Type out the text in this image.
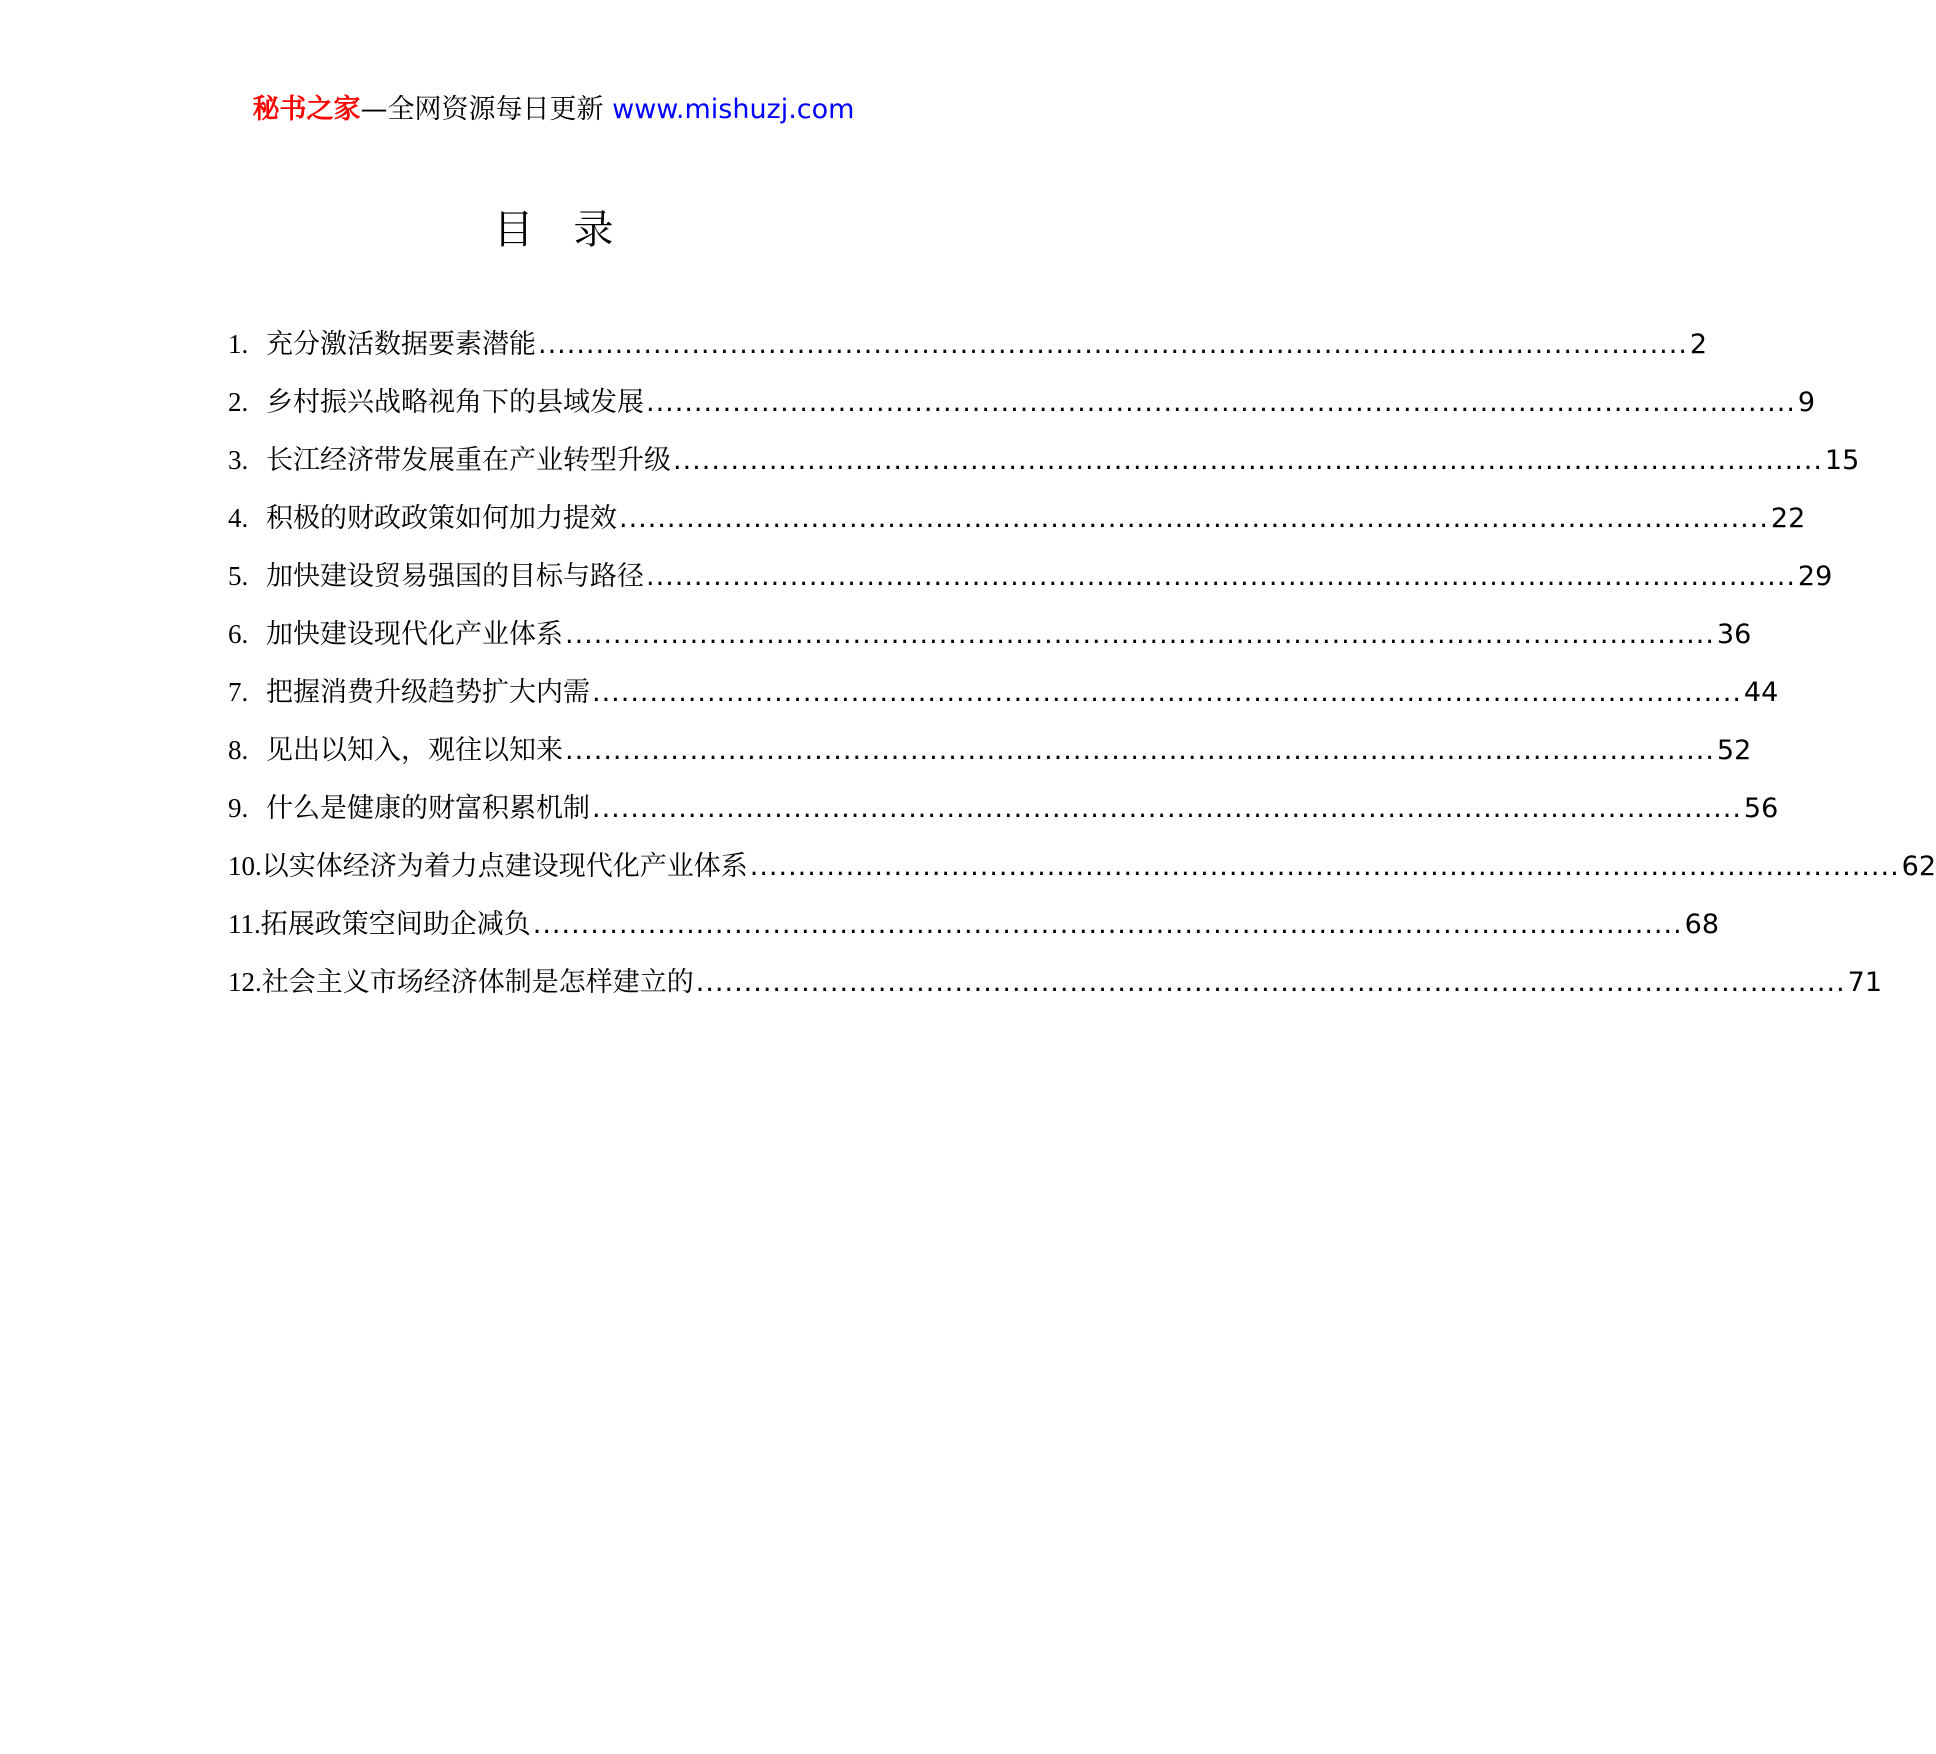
秘书之家—全网资源每日更新 www.mishuzj.com
目 录
1. 充分激活数据要素潜能 ........................................................................................................................ 2
2. 乡村振兴战略视角下的县域发展 ........................................................................................................................ 9
3. 长江经济带发展重在产业转型升级 ........................................................................................................................ 15
4. 积极的财政政策如何加力提效 ........................................................................................................................ 22
5. 加快建设贸易强国的目标与路径 ........................................................................................................................ 29
6. 加快建设现代化产业体系 ........................................................................................................................ 36
7. 把握消费升级趋势扩大内需 ........................................................................................................................ 44
8. 见出以知入，观往以知来 ........................................................................................................................ 52
9. 什么是健康的财富积累机制 ........................................................................................................................ 56
10. 以实体经济为着力点建设现代化产业体系 ........................................................................................................................ 62
11. 拓展政策空间助企减负 ........................................................................................................................ 68
12. 社会主义市场经济体制是怎样建立的 ........................................................................................................................ 71
